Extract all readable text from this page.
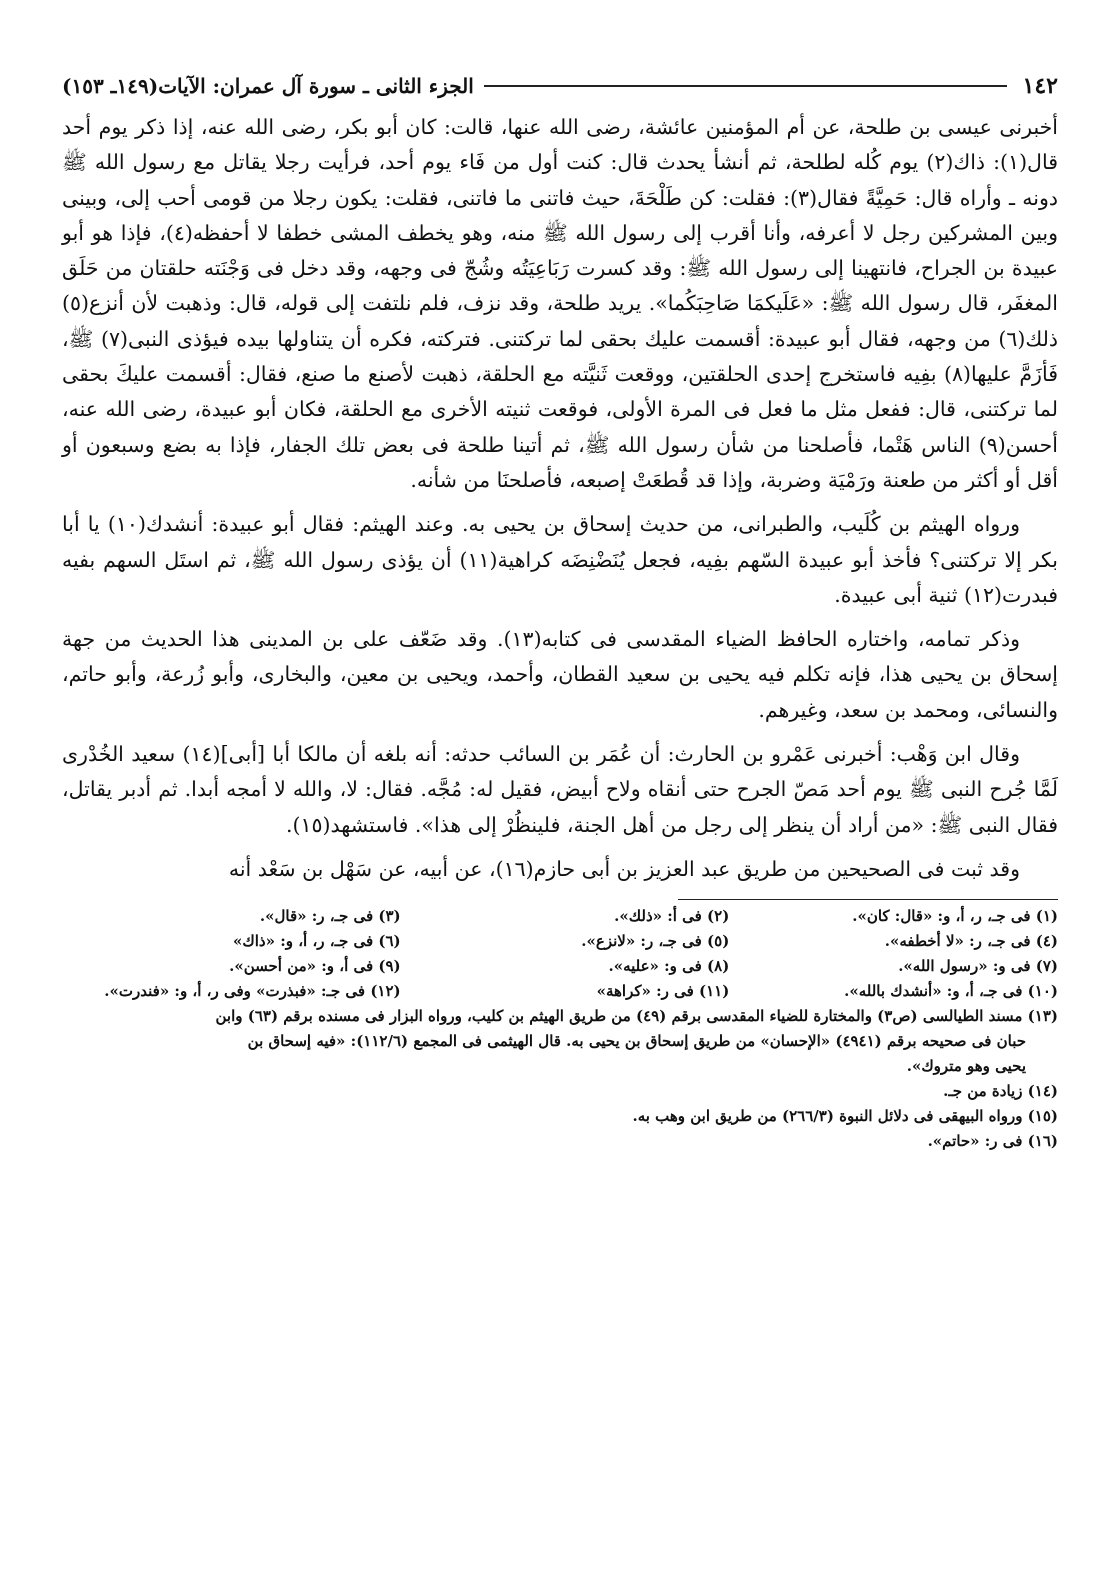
١٤٢
الجزء الثانى ـ سورة آل عمران: الآيات(١٤٩ـ ١٥٣)

أخبرنى عيسى بن طلحة، عن أم المؤمنين عائشة، رضى الله عنها، قالت: كان أبو بكر، رضى الله عنه، إذا ذكر يوم أحد قال(١): ذاك(٢) يوم كُله لطلحة، ثم أنشأ يحدث قال: كنت أول من فَاء يوم أحد، فرأيت رجلا يقاتل مع رسول الله ﷺ دونه ـ وأراه قال: حَمِيَّةً فقال(٣): فقلت: كن طَلْحَةَ، حيث فاتنى ما فاتنى، فقلت: يكون رجلا من قومى أحب إلى، وبينى وبين المشركين رجل لا أعرفه، وأنا أقرب إلى رسول الله ﷺ منه، وهو يخطف المشى خطفا لا أحفظه(٤)، فإذا هو أبو عبيدة بن الجراح، فانتهينا إلى رسول الله ﷺ: وقد كسرت رَبَاعِيَتُه وشُجّ فى وجهه، وقد دخل فى وَجْنَته حلقتان من حَلَق المغفَر، قال رسول الله ﷺ: «عَلَيكمَا صَاحِبَكُما». يريد طلحة، وقد نزف، فلم نلتفت إلى قوله، قال: وذهبت لأن أنزع(٥) ذلك(٦) من وجهه، فقال أبو عبيدة: أقسمت عليك بحقى لما تركتنى. فتركته، فكره أن يتناولها بيده فيؤذى النبى(٧) ﷺ، فَأزَمَّ عليها(٨) بفِيه فاستخرج إحدى الحلقتين، ووقعت ثَنيَّته مع الحلقة، ذهبت لأصنع ما صنع، فقال: أقسمت عليكَ بحقى لما تركتنى، قال: ففعل مثل ما فعل فى المرة الأولى، فوقعت ثنيته الأخرى مع الحلقة، فكان أبو عبيدة، رضى الله عنه، أحسن(٩) الناس هَتْما، فأصلحنا من شأن رسول الله ﷺ، ثم أتينا طلحة فى بعض تلك الجفار، فإذا به بضع وسبعون أو أقل أو أكثر من طعنة ورَمْيَة وضربة، وإذا قد قُطعَتْ إصبعه، فأصلحنَا من شأنه.

ورواه الهيثم بن كُلَيب، والطبرانى، من حديث إسحاق بن يحيى به. وعند الهيثم: فقال أبو عبيدة: أنشدك(١٠) يا أبا بكر إلا تركتنى؟ فأخذ أبو عبيدة السّهم بفِيه، فجعل يُنَضْنِضَه كراهية(١١) أن يؤذى رسول الله ﷺ، ثم استَل السهم بفيه فبدرت(١٢) ثنية أبى عبيدة.

وذكر تمامه، واختاره الحافظ الضياء المقدسى فى كتابه(١٣). وقد ضَعّف على بن المدينى هذا الحديث من جهة إسحاق بن يحيى هذا، فإنه تكلم فيه يحيى بن سعيد القطان، وأحمد، ويحيى بن معين، والبخارى، وأبو زُرعة، وأبو حاتم، والنسائى، ومحمد بن سعد، وغيرهم.

وقال ابن وَهْب: أخبرنى عَمْرو بن الحارث: أن عُمَر بن السائب حدثه: أنه بلغه أن مالكا أبا [أبى](١٤) سعيد الخُدْرى لَمَّا جُرح النبى ﷺ يوم أحد مَصّ الجرح حتى أنقاه ولاح أبيض، فقيل له: مُجَّه. فقال: لا، والله لا أمجه أبدا. ثم أدبر يقاتل، فقال النبى ﷺ: «من أراد أن ينظر إلى رجل من أهل الجنة، فلينظُرْ إلى هذا». فاستشهد(١٥).

وقد ثبت فى الصحيحين من طريق عبد العزيز بن أبى حازم(١٦)، عن أبيه، عن سَهْل بن سَعْد أنه

(١) فى جـ، ر، أ، و: «قال: كان».
(٢) فى أ: «ذلك».
(٣) فى جـ، ر: «قال».
(٤) فى جـ، ر: «لا أخطفه».
(٥) فى جـ، ر: «لانزع».
(٦) فى جـ، ر، أ، و: «ذاك»
(٧) فى و: «رسول الله».
(٨) فى و: «عليه».
(٩) فى أ، و: «من أحسن».
(١٠) فى جـ، أ، و: «أنشدك بالله».
(١١) فى ر: «كراهة»
(١٢) فى جـ: «فبذرت» وفى ر، أ، و: «فندرت».
(١٣) مسند الطيالسى (ص٣) والمختارة للضياء المقدسى برقم (٤٩) من طريق الهيثم بن كليب، ورواه البزار فى مسنده برقم (٦٣) وابن
حبان فى صحيحه برقم (٤٩٤١) «الإحسان» من طريق إسحاق بن يحيى به. قال الهيثمى فى المجمع (١١٢/٦): «فيه إسحاق بن
يحيى وهو متروك».
(١٤) زيادة من جـ.
(١٥) ورواه البيهقى فى دلائل النبوة (٢٦٦/٣) من طريق ابن وهب به.
(١٦) فى ر: «حاتم».
